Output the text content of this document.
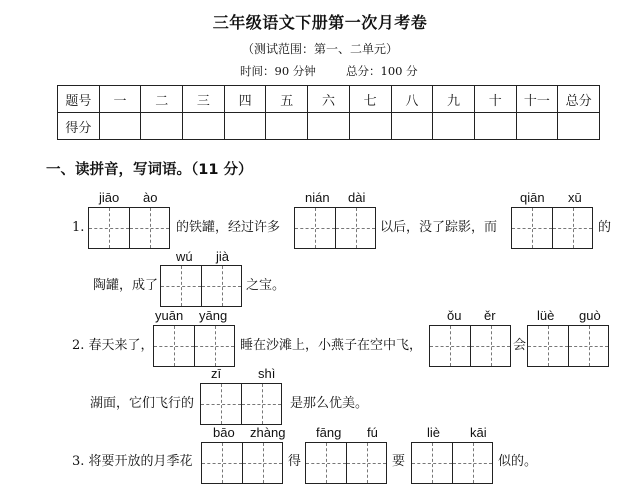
三年级语文下册第一次月考卷
（测试范围：第一、二单元）
时间：90 分钟	总分：100 分
题号	一	二	三	四	五	六	七	八	九	十	十一	总分
得分												
一、读拼音，写词语。（11 分）
jiāo ào	nián dài	qiān xū
1.	的铁罐，经过许多	以后，没了踪影，而	的
wú jià
陶罐，成了	之宝。
yuān yāng	ǒu ěr	lüè guò
2. 春天来了，	睡在沙滩上，小燕子在空中飞，	会
zī	shì
湖面，它们飞行的	是那么优美。
bāo zhàng fāng fú	liè kāi
3. 将要开放的月季花	得	要	似的。
